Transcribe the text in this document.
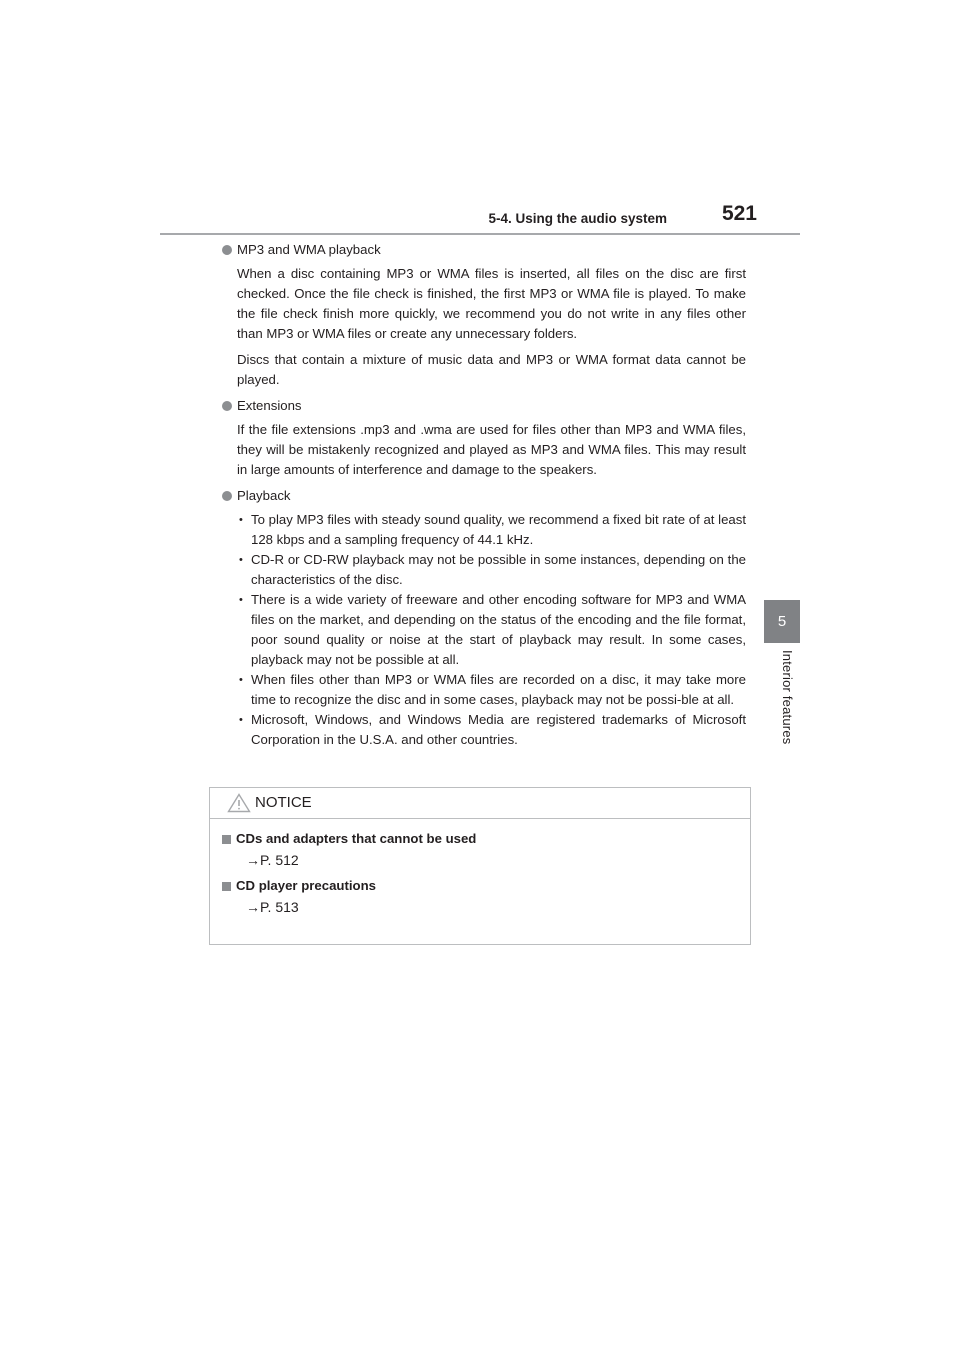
5-4. Using the audio system	521
5
Interior features
MP3 and WMA playback

When a disc containing MP3 or WMA files is inserted, all files on the disc are first checked. Once the file check is finished, the first MP3 or WMA file is played. To make the file check finish more quickly, we recommend you do not write in any files other than MP3 or WMA files or create any unnecessary folders.

Discs that contain a mixture of music data and MP3 or WMA format data cannot be played.

Extensions

If the file extensions .mp3 and .wma are used for files other than MP3 and WMA files, they will be mistakenly recognized and played as MP3 and WMA files. This may result in large amounts of interference and damage to the speakers.

Playback
• To play MP3 files with steady sound quality, we recommend a fixed bit rate of at least 128 kbps and a sampling frequency of 44.1 kHz.
• CD-R or CD-RW playback may not be possible in some instances, depending on the characteristics of the disc.
• There is a wide variety of freeware and other encoding software for MP3 and WMA files on the market, and depending on the status of the encoding and the file format, poor sound quality or noise at the start of playback may result. In some cases, playback may not be possible at all.
• When files other than MP3 or WMA files are recorded on a disc, it may take more time to recognize the disc and in some cases, playback may not be possi-ble at all.
• Microsoft, Windows, and Windows Media are registered trademarks of Microsoft Corporation in the U.S.A. and other countries.
NOTICE
CDs and adapters that cannot be used
→P. 512
CD player precautions
→P. 513
